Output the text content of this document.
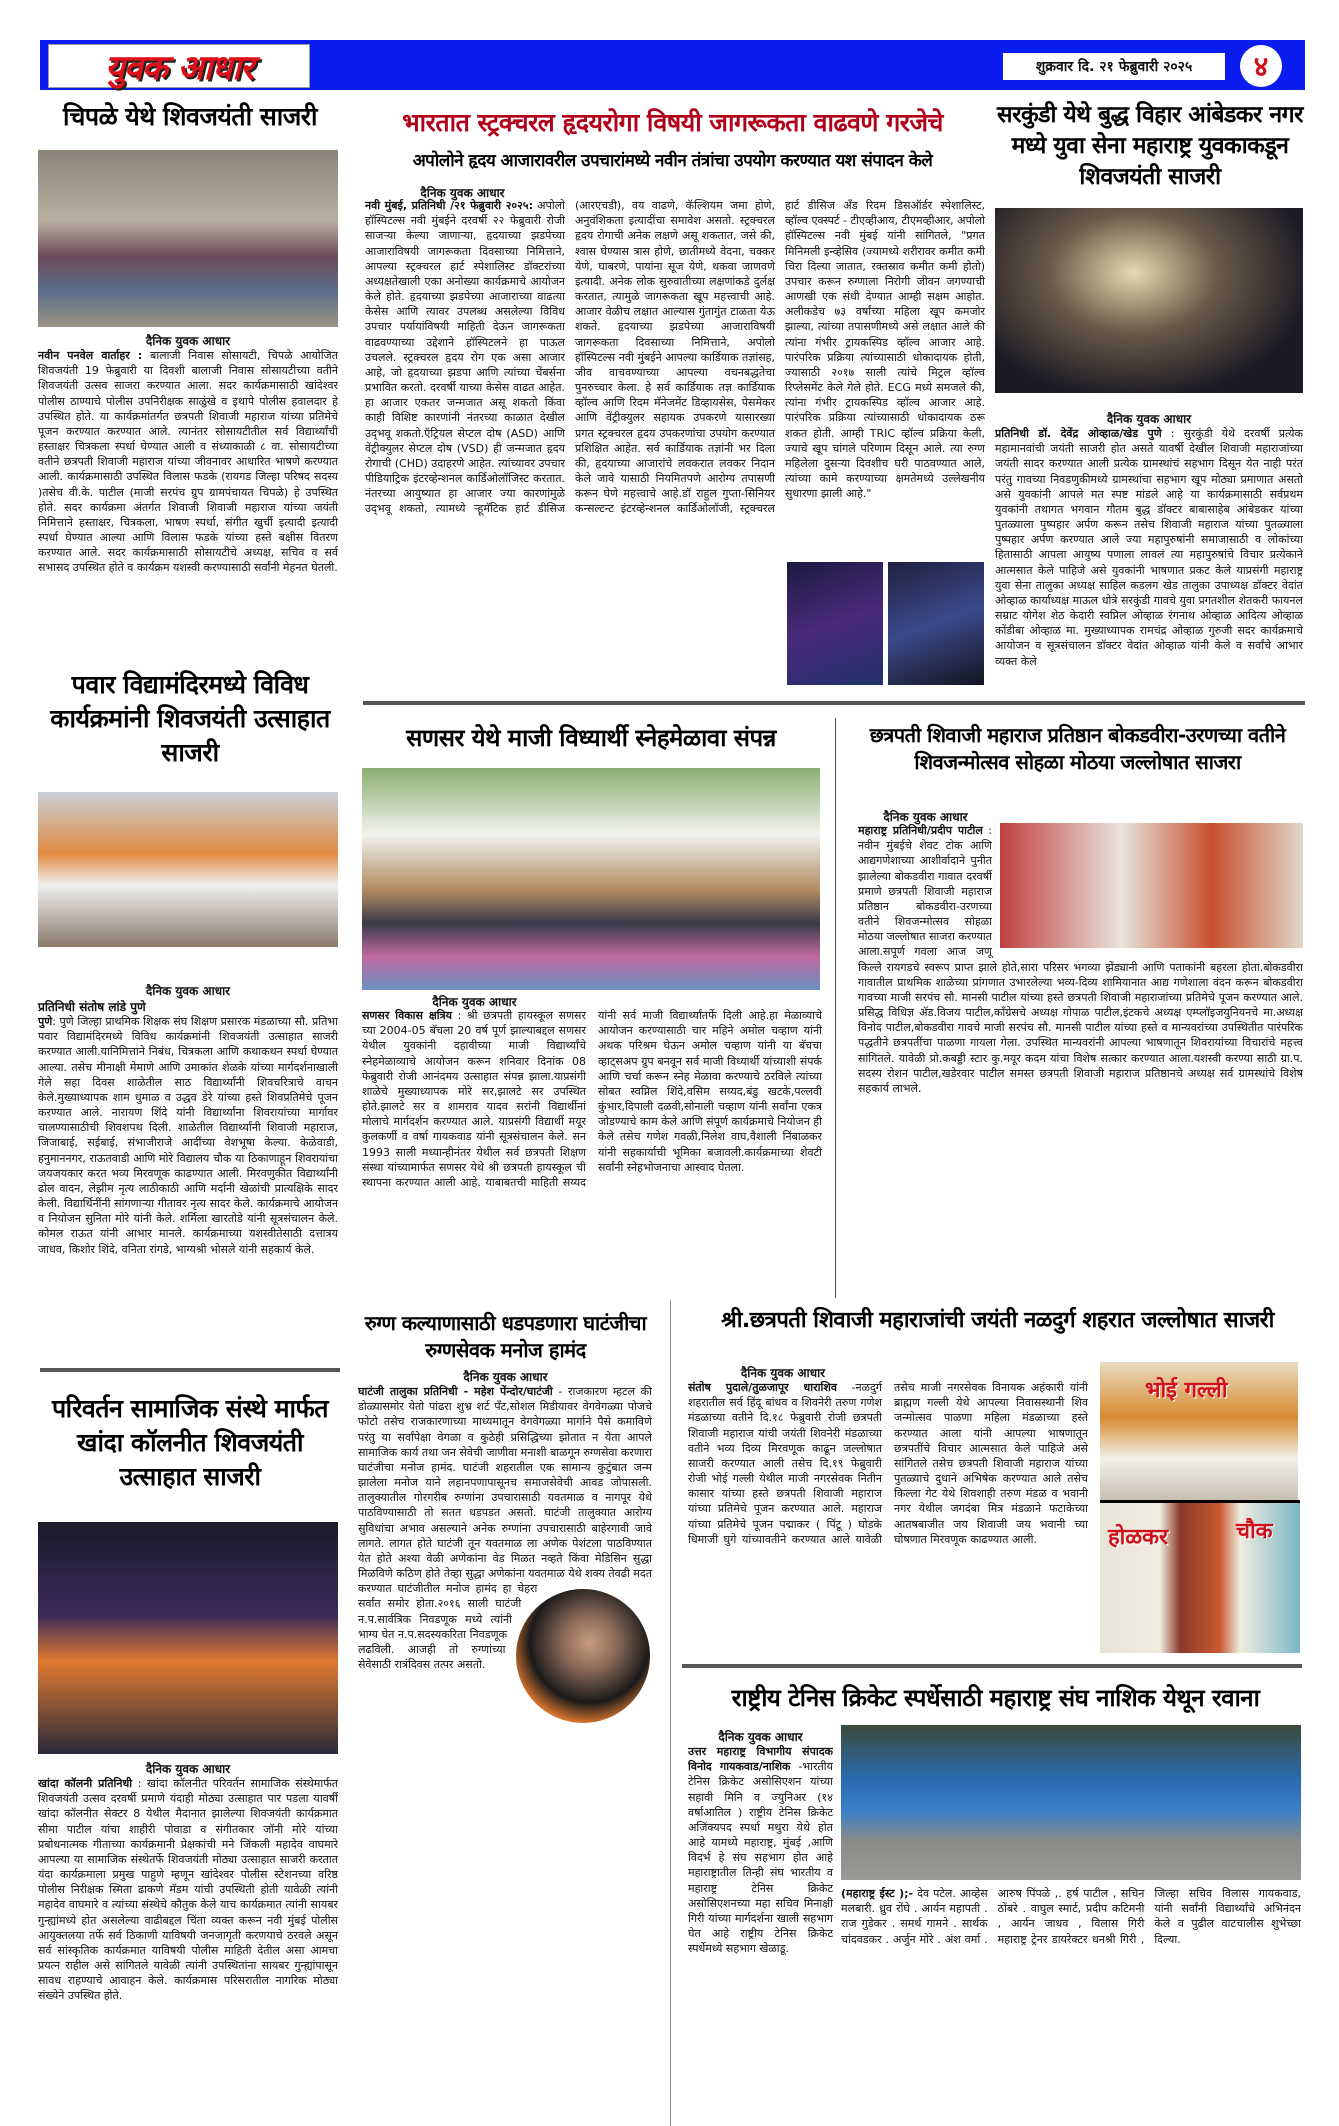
युवक आधार	शुक्रवार दि. २१ फेब्रुवारी २०२५	४
चिपळे येथे शिवजयंती साजरी
दैनिक युवक आधार
नवीन पनवेल वार्ताहर : बालाजी निवास सोसायटी, चिपळे आयोजित शिवजयंती 19 फेब्रुवारी या दिवशी बालाजी निवास सोसायटीच्या वतीने शिवजयंती उत्सव साजरा करण्यात आला. सदर कार्यक्रमासाठी खांदेश्वर पोलीस ठाण्याचे पोलीस उपनिरीक्षक साळुंखे व इथापे पोलीस हवालदार हे उपस्थित होते. या कार्यक्रमांतर्गत छत्रपती शिवाजी महाराज यांच्या प्रतिमेचे पूजन करण्यात करण्यात आले. त्यानंतर सोसायटीतील सर्व विद्यार्थ्यांची हस्ताक्षर चित्रकला स्पर्धा घेण्यात आली व संध्याकाळी ८ वा. सोसायटीच्या वतीने छत्रपती शिवाजी महाराज यांच्या जीवनावर आधारित भाषणे करण्यात आली. कार्यक्रमासाठी उपस्थित विलास फडके (रायगड जिल्हा परिषद सदस्य )तसेच वी.के. पाटील (माजी सरपंच ग्रुप ग्रामपंचायत चिपळे) हे उपस्थित होते. सदर कार्यक्रमा अंतर्गत शिवाजी शिवाजी महाराज यांच्या जयंती निमित्ताने हस्ताक्षर, चित्रकला, भाषण स्पर्धा, संगीत खुर्ची इत्यादी इत्यादी स्पर्धा घेण्यात आल्या आणि विलास फडके यांच्या हस्ते बक्षीस वितरण करण्यात आले. सदर कार्यक्रमासाठी सोसायटीचे अध्यक्ष, सचिव व सर्व सभासद उपस्थित होते व कार्यक्रम यशस्वी करण्यासाठी सर्वांनी मेहनत घेतली.
भारतात स्ट्रक्चरल हृदयरोगा विषयी जागरूकता वाढवणे गरजेचे
अपोलोने हृदय आजारावरील उपचारांमध्ये नवीन तंत्रांचा उपयोग करण्यात यश संपादन केले
दैनिक युवक आधार
नवी मुंबई, प्रतिनिधी /२१ फेब्रुवारी २०२५: अपोलो हॉस्पिटल्स नवी मुंबईने दरवर्षी २२ फेब्रुवारी रोजी साजऱ्या केल्या जाणाऱ्या, हृदयाच्या झडपेच्या आजाराविषयी जागरूकता दिवसाच्या निमित्ताने, आपल्या स्ट्रक्चरल हार्ट स्पेशालिस्ट डॉक्टरांच्या अध्यक्षतेखाली एका अनोख्या कार्यक्रमाचे आयोजन केले होते. हृदयाच्या झडपेच्या आजाराच्या वाढत्या केसेस आणि त्यावर उपलब्ध असलेल्या विविध उपचार पर्यायांविषयी माहिती देऊन जागरूकता वाढवण्याच्या उद्देशाने हॉस्पिटलने हा पाऊल उचलले. स्ट्रक्चरल हृदय रोग एक असा आजार आहे, जो हृदयाच्या झडपा आणि त्यांच्या चेंबर्सना प्रभावित करतो. दरवर्षी याच्या केसेस वाढत आहेत. हा आजार एकतर जन्मजात असू शकतो किंवा काही विशिष्ट कारणांनी नंतरच्या काळात देखील उद्‌भवू शकतो.ऍट्रियल सेप्टल दोष (ASD) आणि वेंट्रीक्युलर सेप्टल दोष (VSD) ही जन्मजात हृदय रोगाची (CHD) उदाहरणे आहेत. त्यांच्यावर उपचार पीडियाट्रिक इंटरव्हेन्शनल कार्डिओलॉजिस्ट करतात. नंतरच्या आयुष्यात हा आजार ज्या कारणांमुळे उद्‌भवू शकतो, त्यामध्ये ऱ्हूमॅटिक हार्ट डीसिज (आरएचडी), वय वाढणे, कॅल्शियम जमा होणे, अनुवंशिकता इत्यादींचा समावेश असतो. स्ट्रक्चरल हृदय रोगाची अनेक लक्षणे असू शकतात, जसे की, श्वास घेण्यास त्रास होणे, छातीमध्ये वेदना, चक्कर येणे, घाबरणे, पायांना सूज येणे, थकवा जाणवणे इत्यादी. अनेक लोक सुरुवातीच्या लक्षणांकडे दुर्लक्ष करतात, त्यामुळे जागरूकता खूप महत्त्वाची आहे. आजार वेळीच लक्षात आल्यास गुंतागुंत टाळता येऊ शकते. हृदयाच्या झडपेच्या आजाराविषयी जागरूकता दिवसाच्या निमित्ताने, अपोलो हॉस्पिटल्स नवी मुंबईने आपल्या कार्डियाक तज्ञांसह, जीव वाचवण्याच्या आपल्या वचनबद्धतेचा पुनरुच्चार केला. हे सर्व कार्डियाक तज्ञ कार्डियाक व्हॉल्व आणि रिदम मॅनेजमेंट डिव्हायसेस, पेसमेकर आणि वेंट्रीक्युलर सहायक उपकरणे यासारख्या प्रगत स्ट्रक्चरल हृदय उपकरणांचा उपयोग करण्यात प्रशिक्षित आहेत. सर्व कार्डियाक तज्ञांनी भर दिला की, हृदयाच्या आजारांचे लवकरात लवकर निदान केले जावे यासाठी नियमितपणे आरोग्य तपासणी करून घेणे महत्त्वाचे आहे.डॉ राहुल गुप्ता-सिनियर कन्सल्टन्ट इंटरव्हेन्शनल कार्डिओलॉजी, स्ट्रक्चरल हार्ट डीसिज ॲंड रिदम डिसऑर्डर स्पेशालिस्ट, व्हॉल्व एक्स्पर्ट - टीएव्हीआय, टीएमव्हीआर, अपोलो हॉस्पिटल्स नवी मुंबई यांनी सांगितले, "प्रगत मिनिमली इन्व्हेसिव (ज्यामध्ये शरीरावर कमीत कमी चिरा दिल्या जातात, रक्तस्राव कमीत कमी होतो) उपचार करून रुग्णाला निरोगी जीवन जगण्याची आणखी एक संधी देण्यात आम्ही सक्षम आहोत. अलीकडेच ७३ वर्षांच्या महिला खूप कमजोर झाल्या, त्यांच्या तपासणीमध्ये असे लक्षात आले की त्यांना गंभीर ट्रायकस्पिड व्हॉल्व आजार आहे. पारंपरिक प्रक्रिया त्यांच्यासाठी धोकादायक होती, ज्यासाठी २०१७ साली त्यांचे मिट्रल व्हॉल्व रिप्लेसमेंट केले गेले होते. ECG मध्ये समजले की, त्यांना गंभीर ट्रायकस्पिड व्हॉल्व आजार आहे. पारंपरिक प्रक्रिया त्यांच्यासाठी धोकादायक ठरू शकत होती. आम्ही TRIC व्हॉल्व प्रक्रिया केली, ज्याचे खूप चांगले परिणाम दिसून आले. त्या रुग्ण महिलेला दुसऱ्या दिवशीच घरी पाठवण्यात आले, त्यांच्या कामे करण्याच्या क्षमतेमध्ये उल्लेखनीय सुधारणा झाली आहे."
सरकुंडी येथे बुद्ध विहार आंबेडकर नगर मध्ये युवा सेना महाराष्ट्र युवकाकडून शिवजयंती साजरी
दैनिक युवक आधार
प्रतिनिधी डॉ. देवेंद्र ओव्हाळ/खेड पुणे : सुरकुंडी येथे दरवर्षी प्रत्येक महामानवांची जयंती साजरी होत असते यावर्षी देखील शिवाजी महाराजांच्या जयंती सादर करण्यात आली प्रत्येक ग्रामस्थांचं सहभाग दिसून येत नाही परंत परंतु गावच्या निवडणुकीमध्ये ग्रामस्थांचा सहभाग खूप मोठ्या प्रमाणात असतो असे युवकांनी आपले मत स्पष्ट मांडले आहे या कार्यक्रमासाठी सर्वप्रथम युवकांनी तथागत भगवान गौतम बुद्ध डॉक्टर बाबासाहेब आंबेडकर यांच्या पुतळ्याला पुष्पहार अर्पण करून तसेच शिवाजी महाराज यांच्या पुतळ्याला पुष्पहार अर्पण करण्यात आले ज्या महापुरुषांनी समाजासाठी व लोकांच्या हितासाठी आपला आयुष्य पणाला लावलं त्या महापुरुषांचे विचार प्रत्येकाने आत्मसात केले पाहिजे असे युवकांनी भाषणात प्रकट केले याप्रसंगी महाराष्ट्र युवा सेना तालुका अध्यक्ष साहिल कडलग खेड तालुका उपाध्यक्ष डॉक्टर वेदांत ओव्हाळ कार्याध्यक्ष माऊल धोत्रे सरकुंडी गावचे युवा प्रगतशील शेतकरी फायनल सम्राट योगेश शेठ केदारी स्वप्निल ओव्हाळ रंगनाथ ओव्हाळ आदित्य ओव्हाळ कोंडीबा ओव्हाळ मा. मुख्याध्यापक रामचंद्र ओव्हाळ गुरुजी सदर कार्यक्रमाचे आयोजन व सूत्रसंचालन डॉक्टर वेदांत ओव्हाळ यांनी केले व सर्वांचे आभार व्यक्त केले
पवार विद्यामंदिरमध्ये विविध कार्यक्रमांनी शिवजयंती उत्साहात साजरी
दैनिक युवक आधार
प्रतिनिधी संतोष लांडे पुणे
पुणे: पुणे जिल्हा प्राथमिक शिक्षक संघ शिक्षण प्रसारक मंडळाच्या सौ. प्रतिभा पवार विद्यामंदिरमध्ये विविध कार्यक्रमांनी शिवजयंती उत्साहात साजरी करण्यात आली.यानिमित्ताने निबंध, चित्रकला आणि कथाकथन स्पर्धा घेण्यात आल्या. तसेच मीनाक्षी मेमाणे आणि उमाकांत शेळके यांच्या मार्गदर्शनाखाली गेले सहा दिवस शाळेतील साठ विद्यार्थ्यांनी शिवचरित्राचे वाचन केले.मुख्याध्यापक शाम धुमाळ व उद्धव डेरे यांच्या हस्ते शिवप्रतिमेचे पूजन करण्यात आले. नारायण शिंदे यांनी विद्यार्थ्यांना शिवरायांच्या मार्गावर चालण्यासाठीची शिवशपथ दिली. शाळेतील विद्यार्थ्यांनी शिवाजी महाराज, जिजाबाई, सईबाई, संभाजीराजे आदींच्या वेशभूषा केल्या. केळेवाडी, हनुमाननगर, राऊतवाडी आणि मोरे विद्यालय चौक या ठिकाणाहून शिवरायांचा जयजयकार करत भव्य मिरवणूक काढण्यात आली. मिरवणुकीत विद्यार्थ्यांनी ढोल वादन, लेझीम नृत्य लाठीकाठी आणि मर्दानी खेळांची प्रात्यक्षिके सादर केली. विद्यार्थिनींनी सांगणाऱ्या गीतावर नृत्य सादर केले. कार्यक्रमाचे आयोजन व नियोजन सुनिता मोरे यांनी केले. शर्मिला खारतोडे यांनी सूत्रसंचालन केले. कोमल राऊत यांनी आभार मानले. कार्यक्रमाच्या यशस्वीतेसाठी दत्तात्रय जाधव, किशोर शिंदे, वनिता रांगडे, भाग्यश्री भोसले यांनी सहकार्य केले.
सणसर येथे माजी विध्यार्थी स्नेहमेळावा संपन्न
दैनिक युवक आधार
सणसर विकास क्षत्रिय : श्री छत्रपती हायस्कूल सणसर च्या 2004-05 बॅचला 20 वर्ष पूर्ण झाल्याबद्दल सणसर येथील युवकांनी दहावीच्या माजी विद्यार्थ्यांचे स्नेहमेळाव्याचे आयोजन करून शनिवार दिनांक 08 फेब्रुवारी रोजी आनंदमय उत्साहात संपन्न झाला.याप्रसंगी शाळेचे मुख्याध्यापक मोरे सर,झालटे सर उपस्थित होते.झालटे सर व शामराव यादव सरांनी विद्यार्थीनां मोलाचे मार्गदर्शन करण्यात आले. याप्रसंगी विद्यार्थी मयूर कुलकर्णी व वर्षा गायकवाड यांनी सूत्रसंचालन केले. सन 1993 साली मध्यान्हीनंतर येथील सर्व छत्रपती शिक्षण संस्था यांच्यामार्फत सणसर येथे श्री छत्रपती हायस्कूल ची स्थापना करण्यात आली आहे. याबाबतची माहिती सय्यद यांनी सर्व माजी विद्यार्थ्यांतर्फे दिली आहे.हा मेळाव्याचे आयोजन करण्यासाठी चार महिने अमोल चव्हाण यांनी अथक परिश्रम घेऊन अमोल चव्हाण यांनी या बॅचचा व्हाट्सअप ग्रुप बनवून सर्व माजी विध्यार्थी यांच्याशी संपर्क आणि चर्चा करून स्नेह मेळावा करण्याचे ठरविले त्यांच्या सोबत स्वप्निल शिंदे,वसिम सय्यद,बंडु खटके,पल्लवी कुंभार,दिपाली दळवी,सोनाली चव्हाण यांनी सर्वांना एकत्र जोडण्याचे काम केले आणि संपूर्ण कार्यक्रमाचे नियोजन ही केले तसेच गणेश गवळी,निलेश वाघ,वैशाली निंबाळकर यांनी सहकार्याची भूमिका बजावली.कार्यक्रमाच्या शेवटी सर्वांनी स्नेहभोजनाचा आस्वाद घेतला.
छत्रपती शिवाजी महाराज प्रतिष्ठान बोकडवीरा-उरणच्या वतीने शिवजन्मोत्सव सोहळा मोठया जल्लोषात साजरा
दैनिक युवक आधार
महाराष्ट्र प्रतिनिधी/प्रदीप पाटील : नवीन मुंबईचे शेवट टोक आणि आद्यगणेशाच्या आशीर्वादाने पुनीत झालेल्या बोकडवीरा गावात दरवर्षी प्रमाणे छत्रपती शिवाजी महाराज प्रतिष्ठान बोकडवीरा-उरणच्या वतीने शिवजन्मोत्सव सोहळा मोठया जल्लोषात साजरा करण्यात आला.सपूर्ण गवला आज जणू किल्ले रायगडचे स्वरूप प्राप्त झाले होते,सारा परिसर भगव्या झेंड्यानी आणि पताकांनी बहरला होता.बोकडवीरा गावातील प्राथमिक शाळेच्या प्रांगणात उभारलेल्या भव्य-दिव्य शामियानात आद्य गणेशाला वंदन करून बोकडवीरा गावच्या माजी सरपंच सौ. मानसी पाटील यांच्या हस्ते छत्रपती शिवाजी महाराजांच्या प्रतिमेचे पूजन करण्यात आले. प्रसिद्ध विधिज्ञ ॲड.विजय पाटील,काँग्रेसचे अध्यक्ष गोपाळ पाटील,इंटकचे अध्यक्ष एम्प्लॉइजयुनियनचे मा.अध्यक्ष विनोद पाटील,बोकडवीरा गावचे माजी सरपंच सौ. मानसी पाटील यांच्या हस्ते व मान्यवरांच्या उपस्थितीत पारंपरिक पद्धतीने छत्रपतींचा पाळणा गायला गेला. उपस्थित मान्यवरांनी आपल्या भाषणातून शिवरायांच्या विचारांचे महत्त्व सांगितले. यावेळी प्रो.कबड्डी स्टार कु.मयूर कदम यांचा विशेष सत्कार करण्यात आला.यशस्वी करण्या साठी ग्रा.प. सदस्य रोशन पाटील,खडेरवार पाटील समस्त छत्रपती शिवाजी महाराज प्रतिष्ठानचे अध्यक्ष सर्व ग्रामस्थांचे विशेष सहकार्य लाभले.
परिवर्तन सामाजिक संस्थे मार्फत खांदा कॉलनीत शिवजयंती उत्साहात साजरी
दैनिक युवक आधार
खांदा कॉलनी प्रतिनिधी : खांदा कॉलनीत परिवर्तन सामाजिक संस्थेमार्फत शिवजयंती उत्सव दरवर्षी प्रमाणे यंदाही मोठ्या उत्साहात पार पडला यावर्षी खांदा कॉलनीत सेक्टर 8 येथील मैदानात झालेल्या शिवजयंती कार्यक्रमात सीमा पाटील यांचा शाहीरी पोवाडा व संगीतकार जॉनी मोरे यांच्या प्रबोधनात्मक गीताच्या कार्यक्रमानी प्रेक्षकांची मने जिंकली महादेव वाघमारे आपल्या या सामाजिक संस्थेतर्फे शिवजयंती मोठ्या उत्साहात साजरी करतात यंदा कार्यक्रमाला प्रमुख पाहुणे म्हणून खांदेश्वर पोलीस स्टेशनच्या वरिष्ठ पोलीस निरीक्षक स्मिता ढाकणे मॅडम यांची उपस्थिती होती यावेळी त्यांनी महादेव वाघमारे व त्यांच्या संस्थेचे कौतुक केले याच कार्यक्रमात त्यांनी सायबर गुन्ह्यांमध्ये होत असलेल्या वाढीबद्दल चिंता व्यक्त करून नवी मुंबई पोलीस आयुक्तलया तर्फे सर्व ठिकाणी याविषयी जनजागृती करणयाचे ठरवले असून सर्व सांस्कृतिक कार्यक्रमात याविषयी पोलीस माहिती देतील असा आमचा प्रयत्न राहील असे सांगितले यावेळी त्यांनी उपस्थितांना सायबर गुन्ह्यांपासून सावध राहण्याचे आवाहन केले. कार्यक्रमास परिसरातील नागरिक मोठ्या संख्येने उपस्थित होते.
रुग्ण कल्याणासाठी धडपडणारा घाटंजीचा रुग्णसेवक मनोज हामंद
दैनिक युवक आधार
घाटंजी तालुका प्रतिनिधी - महेश पेंन्दोर/घाटंजी - राजकारण म्हटल की डोळ्यासमोर येतो पांढरा शुभ्र शर्ट पॅंट,सोशल मिडीयावर वेगवेगळ्या पोजचे फोटो तसेच राजकारणाच्या माध्यमातून वेगवेगळ्या मार्गाने पैसे कमाविणे परंतु या सर्वांपेक्षा वेगळा व कुठेही प्रसिद्धिच्या झोतात न येता आपले सामाजिक कार्य तथा जन सेवेची जाणीवा मनाशी बाळगून रुग्णसेवा करणारा घाटंजीचा मनोज हामंद. घाटंजी शहरातील एक सामान्य कुटुंबात जन्म झालेला मनोज याने लहानपणापासूनच समाजसेवेची आवड जोपासली. तालुक्यातील गोरगरीब रुग्णांना उपचारासाठी यवतमाळ व नागपूर येथे पाठविण्यासाठी तो सतत धडपडत असतो. घाटंजी तालुक्यात आरोग्य सुविधांचा अभाव असल्याने अनेक रुग्णांना उपचारासाठी बाहेरगावी जावे लागते. लागत होते घाटंजी तून यवतमाळ ला अणेक पेशंटला पाठविण्यात येत होते अश्या वेळी अणेकांना वेड मिळत नव्हते किंवा मेडिसिन सुद्धा मिळविणे कठिण होते तेव्हा सुद्धा अणेकांना यवतमाळ येथे शक्य तेवढी मदत करण्यात घाटंजीतील मनोज हामंद हा चेहरा सर्वांत समोर होता.२०१६ साली घाटंजी न.प.सार्वत्रिक निवडणूक मध्ये त्यांनी भाग्य घेत न.प.सदस्यकरिता निवडणूक लढविली. आजही तो रुग्णांच्या सेवेसाठी रात्रंदिवस तत्पर असतो.
श्री.छत्रपती शिवाजी महाराजांची जयंती नळदुर्ग शहरात जल्लोषात साजरी
दैनिक युवक आधार
संतोष पुदाले/तुळजापूर धाराशिव -नळदुर्ग शहरातील सर्व हिंदू बांधव व शिवनेरी तरुण गणेश मंडळाच्या वतीने दि.१८ फेब्रुवारी रोजी छत्रपती शिवाजी महाराज यांची जयंती शिवनेरी मंडळाच्या वतीने भव्य दिव्य मिरवणूक काढून जल्लोषात साजरी करण्यात आली तसेच दि.१९ फेब्रुवारी रोजी भोई गल्ली येथील माजी नगरसेवक नितीन कासार यांच्या हस्ते छत्रपती शिवाजी महाराज यांच्या प्रतिमेचे पूजन करण्यात आले. महाराज यांच्या प्रतिमेचे पूजन पद्माकर ( पिंटू ) घोडके धिमाजी घुगे यांच्यावतीने करण्यात आले यावेळी तसेच माजी नगरसेवक विनायक अहंकारी यांनी ब्राह्मण गल्ली येथे आपल्या निवासस्थानी शिव जन्मोत्सव पाळणा महिला मंडळाच्या हस्ते करण्यात आला यांनी आपल्या भाषणातून छत्रपतींचे विचार आत्मसात केले पाहिजे असे सांगितले तसेच छत्रपती शिवाजी महाराज यांच्या पुतळ्याचे दुधाने अभिषेक करण्यात आले तसेच किल्ला गेट येथे शिवशाही तरुण मंडळ व भवानी नगर येथील जगदंबा मित्र मंडळाने फटाकेच्या आतषबाजीत जय शिवाजी जय भवानी च्या घोषणात मिरवणूक काढण्यात आली.
भोई गल्ली
होळकर	चौक
राष्ट्रीय टेनिस क्रिकेट स्पर्धेसाठी महाराष्ट्र संघ नाशिक येथून रवाना
दैनिक युवक आधार
उत्तर महाराष्ट्र विभागीय संपादक विनोद गायकवाड/नाशिक -भारतीय टेनिस क्रिकेट असोसिएशन यांच्या सहावी मिनि व ज्युनिअर (१४ वर्षाआतिल ) राष्ट्रीय टेनिस क्रिकेट अजिंक्यपद स्पर्धा मथुरा येथे होत आहे यामध्ये महाराष्ट्र, मुंबई ,आणि विदर्भ हे संघ सहभाग होत आहे महाराष्ट्रातील तिन्ही संघ भारतीय व महाराष्ट्र टेनिस क्रिकेट असोसिएशनच्या महा सचिव मिनाक्षी गिरी यांच्या मार्गदर्शना खाली सहभाग घेत आहे राष्ट्रीय टेनिस क्रिकेट स्पर्धेमध्ये सहभाग खेळाडू.
(महाराष्ट्र ईस्ट );- देव पटेल. आव्हेस मलबारी. ध्रुव रोंघे . आर्यन महापती . राज गुडेकर . समर्थ गामने . सार्थक चांदवडकर . अर्जुन मोरे . अंश वर्मा . आरुष पिंपळे ,. हर्ष पाटील , सचिन ठोंबरे . वाघुल स्मार्ट, प्रदीप कटिमनी , आर्यन जाधव , विलास गिरी महाराष्ट्र ट्रेनर डायरेक्टर धनश्री गिरी , जिल्हा सचिव विलास गायकवाड, यांनी सर्वांनी विद्यार्थ्यांचे अभिनंदन केले व पुढील वाटचालीस शुभेच्छा दिल्या.
